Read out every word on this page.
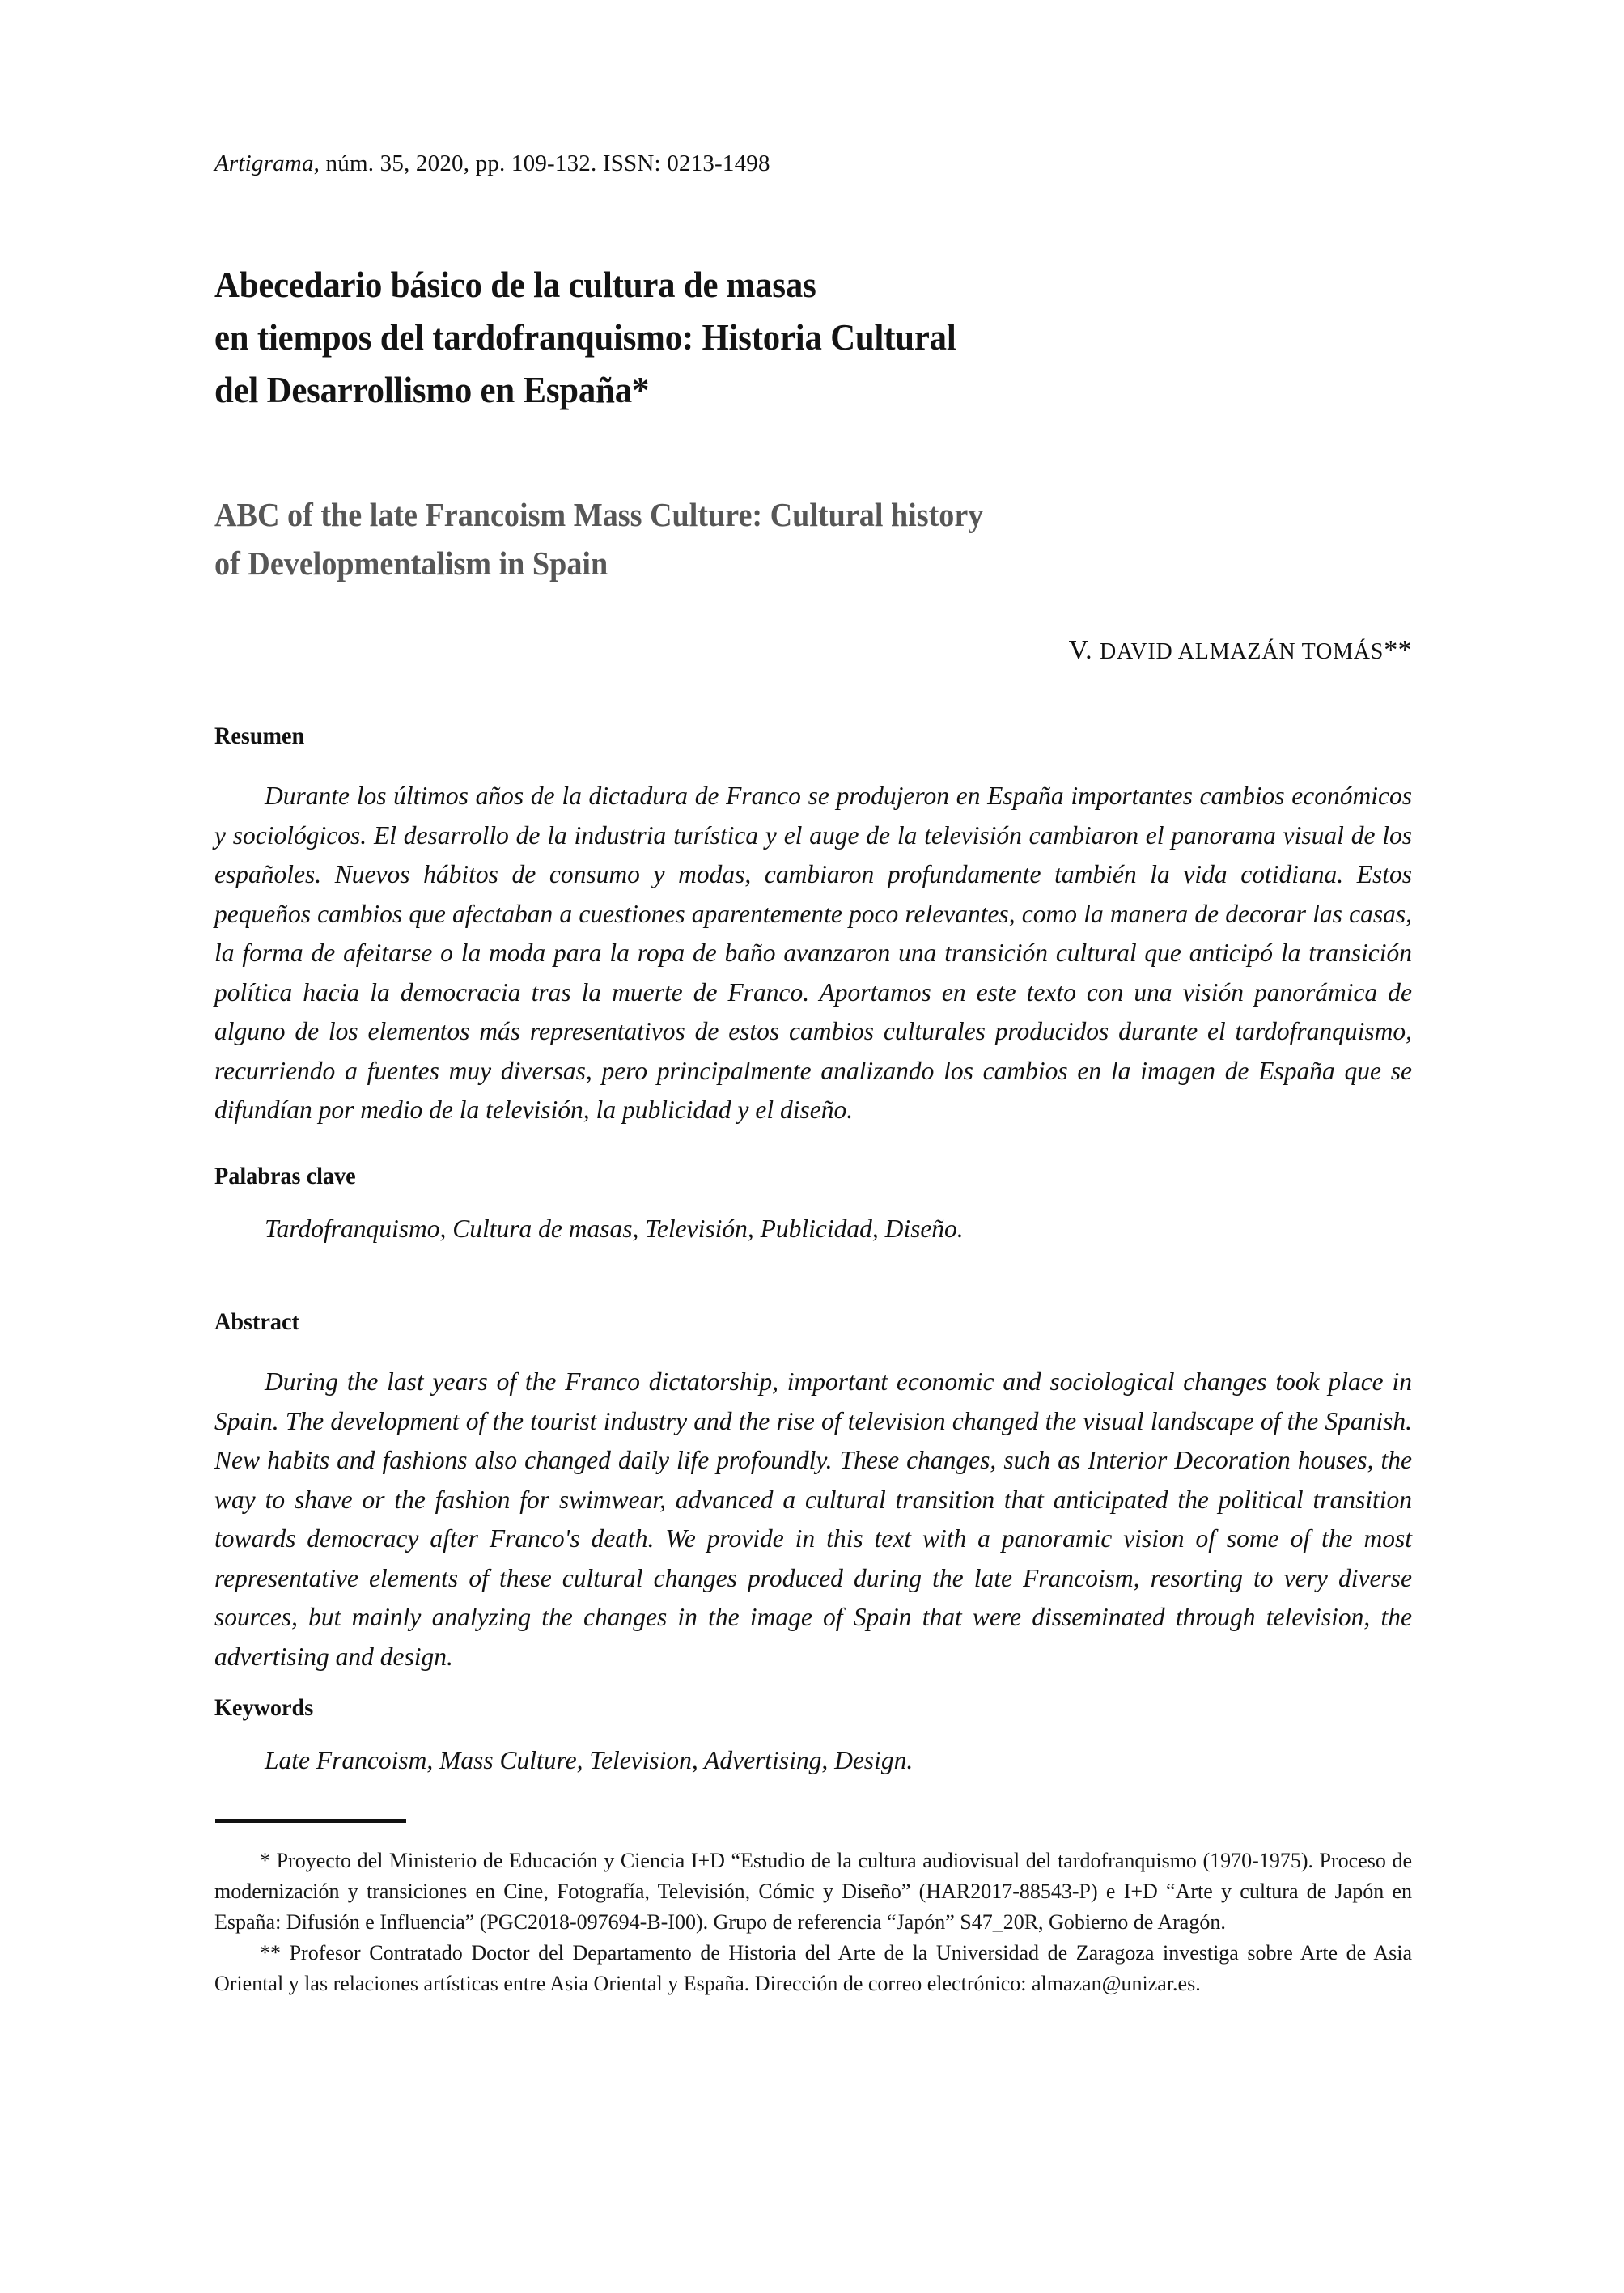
Artigrama, núm. 35, 2020, pp. 109-132. ISSN: 0213-1498
Abecedario básico de la cultura de masas
en tiempos del tardofranquismo: Historia Cultural
del Desarrollismo en España*
ABC of the late Francoism Mass Culture: Cultural history
of Developmentalism in Spain
V. DAVID ALMAZÁN TOMÁS**
Resumen
Durante los últimos años de la dictadura de Franco se produjeron en España importantes cambios económicos y sociológicos. El desarrollo de la industria turística y el auge de la televisión cambiaron el panorama visual de los españoles. Nuevos hábitos de consumo y modas, cambiaron profundamente también la vida cotidiana. Estos pequeños cambios que afectaban a cuestiones aparentemente poco relevantes, como la manera de decorar las casas, la forma de afeitarse o la moda para la ropa de baño avanzaron una transición cultural que anticipó la transición política hacia la democracia tras la muerte de Franco. Aportamos en este texto con una visión panorámica de alguno de los elementos más representativos de estos cambios culturales producidos durante el tardofranquismo, recurriendo a fuentes muy diversas, pero principalmente analizando los cambios en la imagen de España que se difundían por medio de la televisión, la publicidad y el diseño.
Palabras clave
Tardofranquismo, Cultura de masas, Televisión, Publicidad, Diseño.
Abstract
During the last years of the Franco dictatorship, important economic and sociological changes took place in Spain. The development of the tourist industry and the rise of television changed the visual landscape of the Spanish. New habits and fashions also changed daily life profoundly. These changes, such as Interior Decoration houses, the way to shave or the fashion for swimwear, advanced a cultural transition that anticipated the political transition towards democracy after Franco's death. We provide in this text with a panoramic vision of some of the most representative elements of these cultural changes produced during the late Francoism, resorting to very diverse sources, but mainly analyzing the changes in the image of Spain that were disseminated through television, the advertising and design.
Keywords
Late Francoism, Mass Culture, Television, Advertising, Design.

* Proyecto del Ministerio de Educación y Ciencia I+D “Estudio de la cultura audiovisual del tardofranquismo (1970-1975). Proceso de modernización y transiciones en Cine, Fotografía, Televisión, Cómic y Diseño” (HAR2017-88543-P) e I+D “Arte y cultura de Japón en España: Difusión e Influencia” (PGC2018-097694-B-I00). Grupo de referencia “Japón” S47_20R, Gobierno de Aragón.

** Profesor Contratado Doctor del Departamento de Historia del Arte de la Universidad de Zaragoza investiga sobre Arte de Asia Oriental y las relaciones artísticas entre Asia Oriental y España. Dirección de correo electrónico: almazan@unizar.es.
